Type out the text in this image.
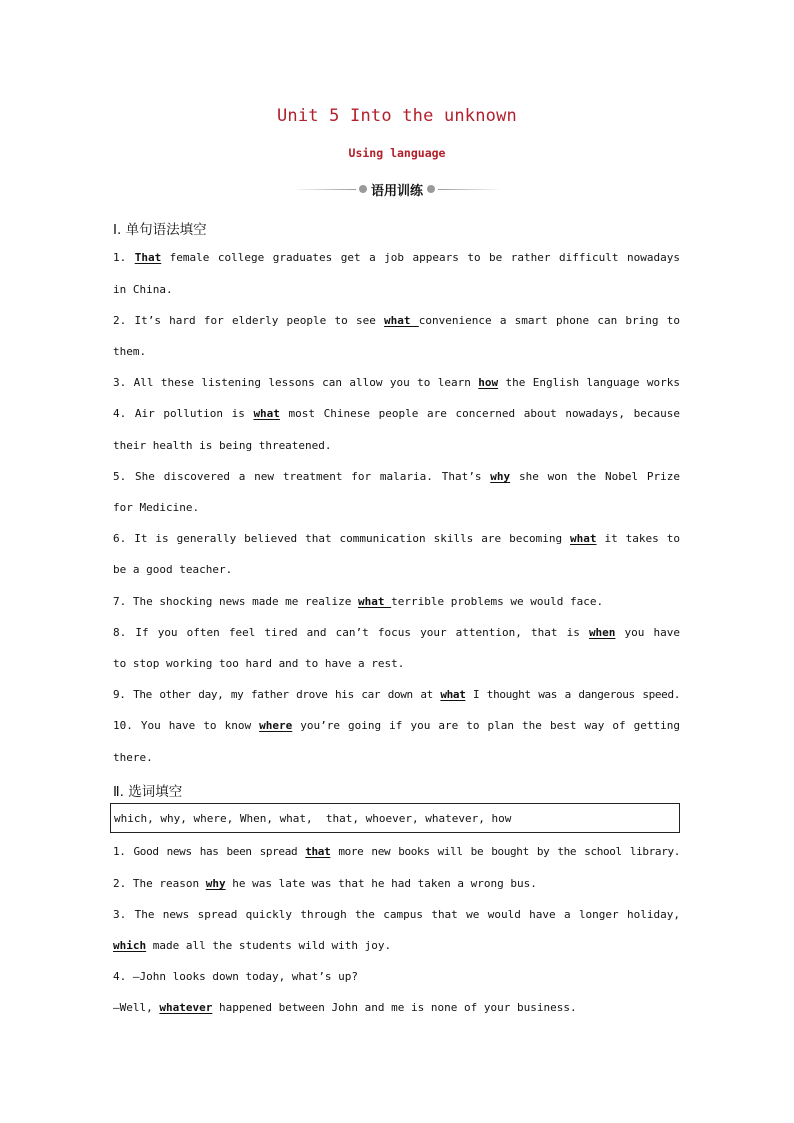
Unit 5 Into the unknown
Using language
语用训练
Ⅰ. 单句语法填空
1. That female college graduates get a job appears to be rather difficult nowadays
in China.
2. It’s hard for elderly people to see what convenience a smart phone can bring to
them.
3. All these listening lessons can allow you to learn how the English language works
4. Air pollution is what most Chinese people are concerned about nowadays, because
their health is being threatened.
5. She discovered a new treatment for malaria. That’s why she won the Nobel Prize
for Medicine.
6. It is generally believed that communication skills are becoming what it takes to
be a good teacher.
7. The shocking news made me realize what terrible problems we would face.
8. If you often feel tired and can’t focus your attention, that is when you have
to stop working too hard and to have a rest.
9. The other day, my father drove his car down at what I thought was a dangerous speed.
10. You have to know where you’re going if you are to plan the best way of getting
there.
Ⅱ. 选词填空
which, why, where, When, what,  that, whoever, whatever, how
1. Good news has been spread that more new books will be bought by the school library.
2. The reason why he was late was that he had taken a wrong bus.
3. The news spread quickly through the campus that we would have a longer holiday,
which made all the students wild with joy.
4. —John looks down today, what’s up?
—Well, whatever happened between John and me is none of your business.
